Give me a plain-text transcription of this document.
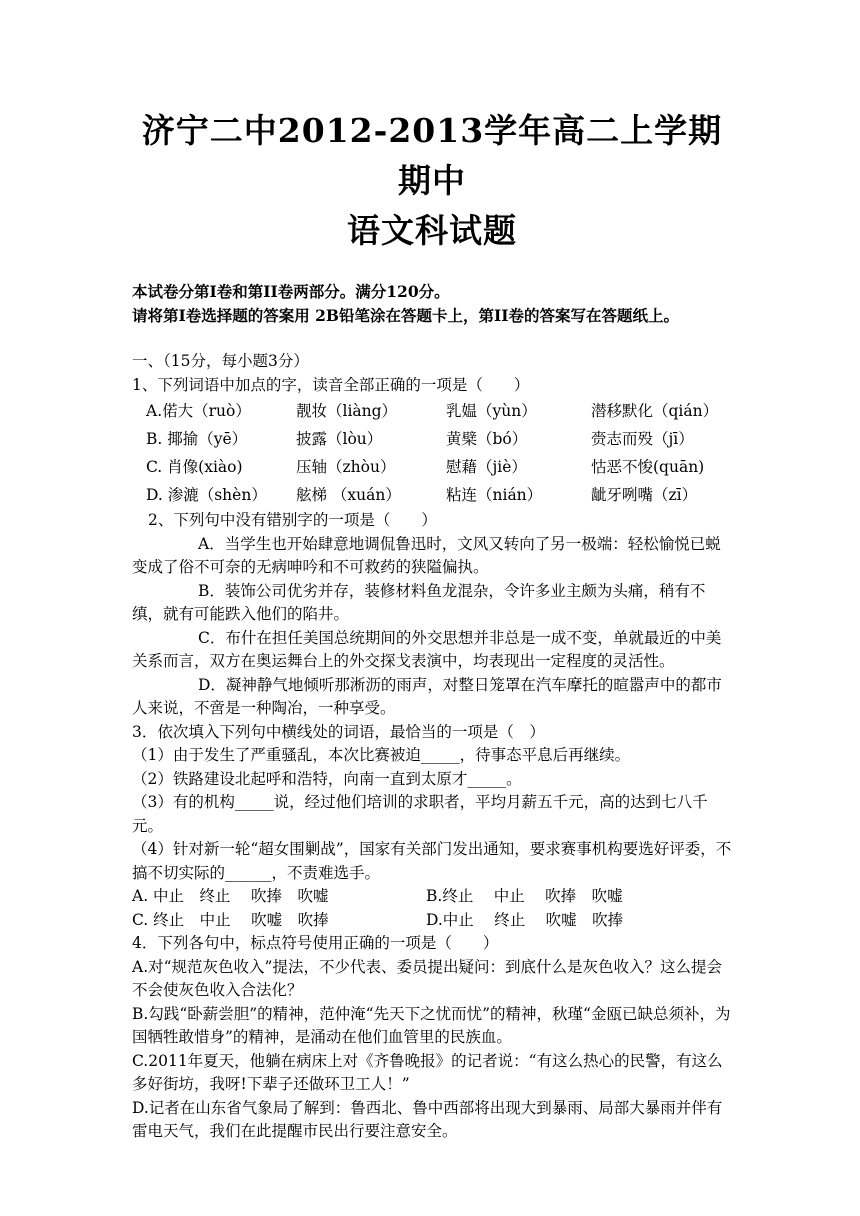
济宁二中2012-2013学年高二上学期期中
语文科试题

本试卷分第I卷和第II卷两部分。满分120分。

请将第I卷选择题的答案用 2B铅笔涂在答题卡上，第II卷的答案写在答题纸上。

一、（15分，每小题3分）

1、下列词语中加点的字，读音全部正确的一项是（　　）

A.偌大（ruò）	靓妆（liàng）	乳媪（yùn）	潜移默化（qián）
B. 揶揄（yē）	披露（lòu）	黄檗（bó）	赍志而殁（jī）
C. 肖像(xiào)	压轴（zhòu）	慰藉（jiè）	怙恶不悛(quān)
D. 渗漉（shèn）	舷梯 （xuán）	粘连（nián）	龇牙咧嘴（zī）

2、下列句中没有错别字的一项是（　　）

A．当学生也开始肆意地调侃鲁迅时，文风又转向了另一极端：轻松愉悦已蜕变成了俗不可奈的无病呻吟和不可救药的狭隘偏执。

B．装饰公司优劣并存，装修材料鱼龙混杂，令许多业主颇为头痛，稍有不缜，就有可能跌入他们的陷井。

C．布什在担任美国总统期间的外交思想并非总是一成不变，单就最近的中美关系而言，双方在奥运舞台上的外交探戈表演中，均表现出一定程度的灵活性。

D．凝神静气地倾听那淅沥的雨声，对整日笼罩在汽车摩托的暄嚣声中的都市人来说，不啻是一种陶冶，一种享受。

3．依次填入下列句中横线处的词语，最恰当的一项是（　）

（1）由于发生了严重骚乱，本次比赛被迫_____，待事态平息后再继续。

（2）铁路建设北起呼和浩特，向南一直到太原才_____。

（3）有的机构_____说，经过他们培训的求职者，平均月薪五千元，高的达到七八千元。

（4）针对新一轮“超女围剿战”，国家有关部门发出通知，要求赛事机构要选好评委，不搞不切实际的______，不责难选手。

A. 中止　终止　 吹捧　吹嘘	B.终止　 中止　 吹捧　吹嘘
C. 终止　中止　 吹嘘　吹捧	D.中止　 终止　 吹嘘　吹捧

4．下列各句中，标点符号使用正确的一项是（　　）

A.对“规范灰色收入”提法，不少代表、委员提出疑问：到底什么是灰色收入？这么提会不会使灰色收入合法化？

B.勾践“卧薪尝胆”的精神，范仲淹“先天下之忧而忧”的精神，秋瑾“金瓯已缺总须补，为国牺牲敢惜身”的精神，是涌动在他们血管里的民族血。

C.2011年夏天，他躺在病床上对《齐鲁晚报》的记者说：“有这么热心的民警，有这么多好街坊，我呀!下辈子还做环卫工人！”

D.记者在山东省气象局了解到：鲁西北、鲁中西部将出现大到暴雨、局部大暴雨并伴有雷电天气，我们在此提醒市民出行要注意安全。
